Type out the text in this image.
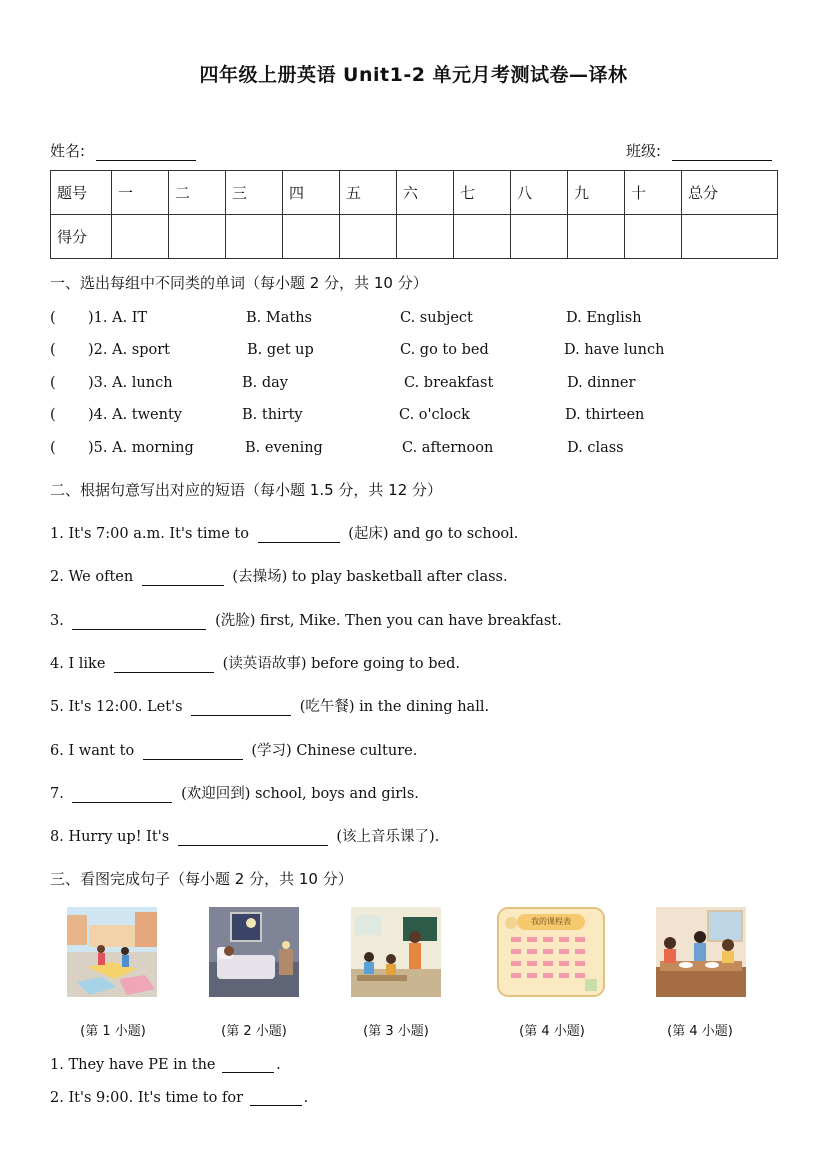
四年级上册英语 Unit1-2 单元月考测试卷—译林
姓名:	班级:
题号	一	二	三	四	五	六	七	八	九	十	总分
得分											
一、选出每组中不同类的单词（每小题 2 分，共 10 分）
( )1. A. IT	B. Maths	C. subject	D. English
( )2. A. sport	B. get up	C. go to bed	D. have lunch
( )3. A. lunch	B. day	C. breakfast	D. dinner
( )4. A. twenty	B. thirty	C. o'clock	D. thirteen
( )5. A. morning	B. evening	C. afternoon	D. class
二、根据句意写出对应的短语（每小题 1.5 分，共 12 分）
1. It's 7:00 a.m. It's time to	(起床) and go to school.
2. We often	(去操场) to play basketball after class.
3.	(洗脸) first, Mike. Then you can have breakfast.
4. I like	(读英语故事) before going to bed.
5. It's 12:00. Let's	(吃午餐) in the dining hall.
6. I want to	(学习) Chinese culture.
7.	(欢迎回到) school, boys and girls.
8. Hurry up! It's	(该上音乐课了).
三、看图完成句子（每小题 2 分，共 10 分）
我的课程表
(第 1 小题)	(第 2 小题)	(第 3 小题)	(第 4 小题)	(第 4 小题)
1. They have PE in the	.
2. It's 9:00. It's time to for	.
